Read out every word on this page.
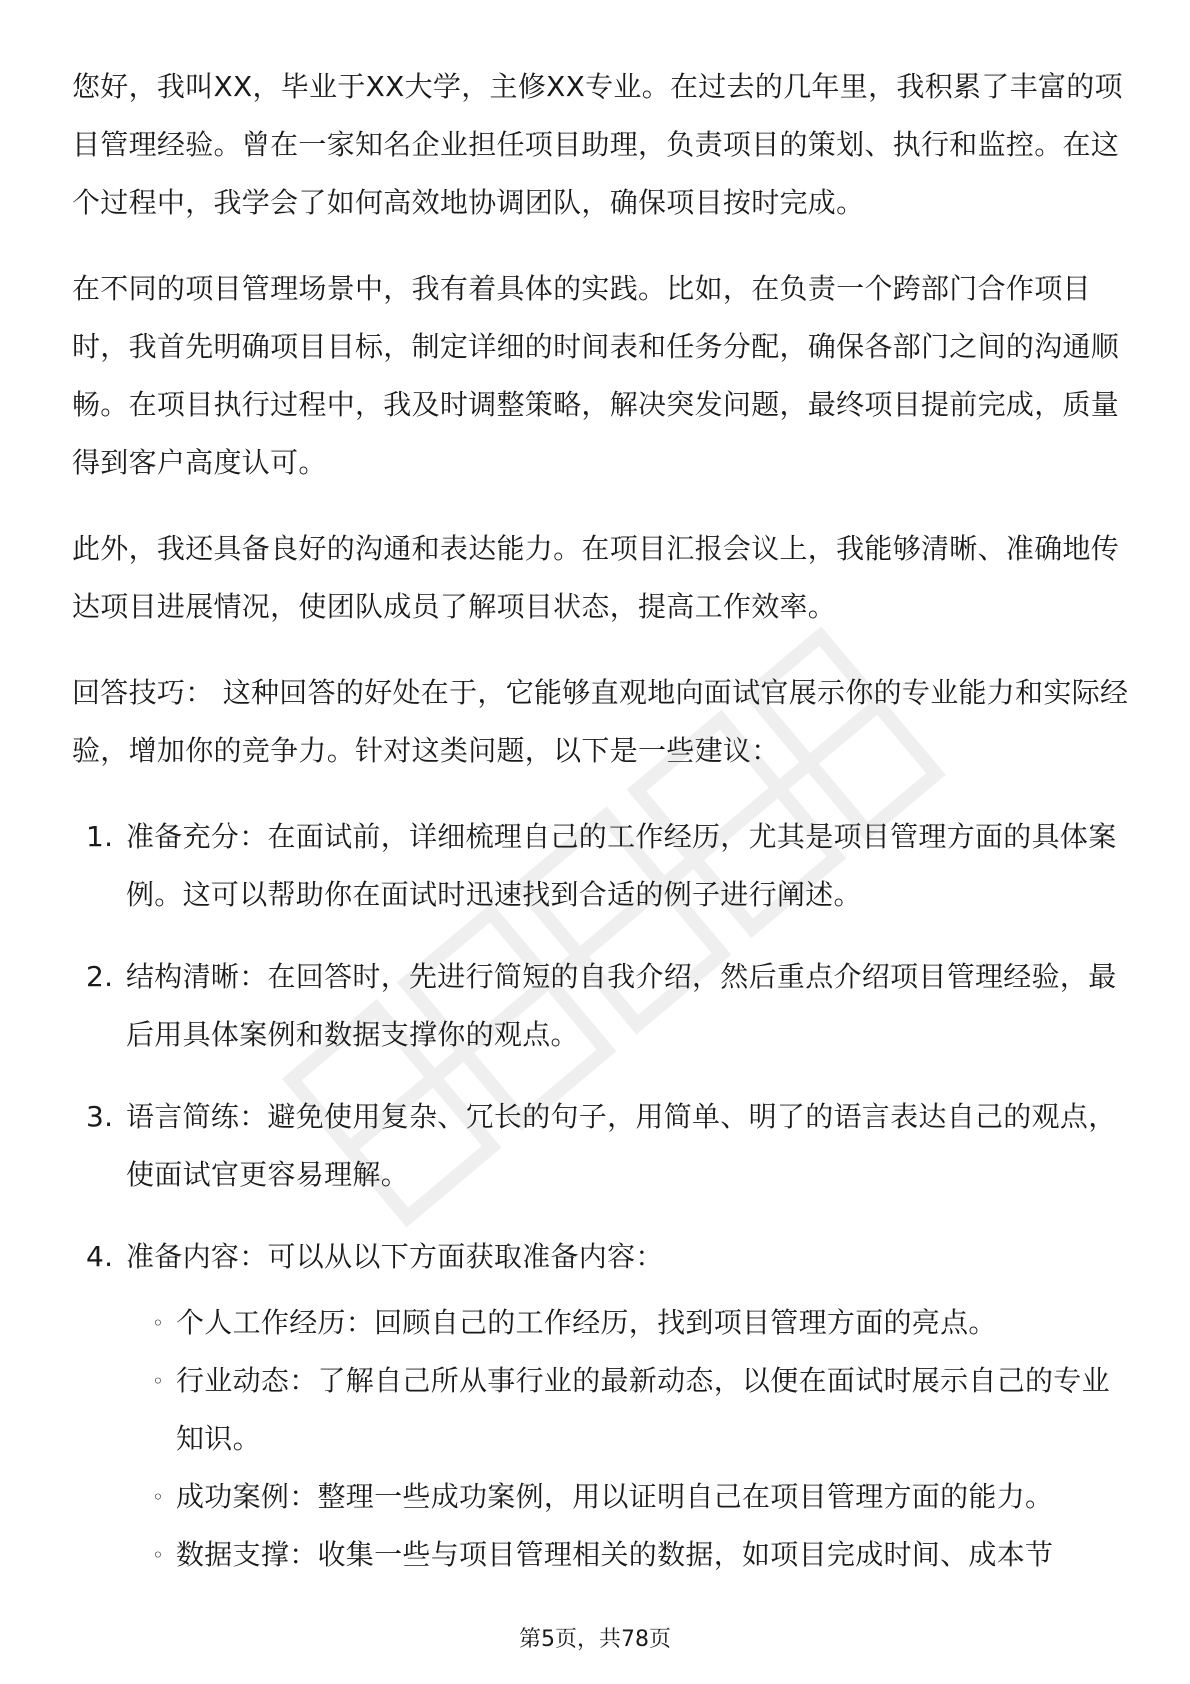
您好，我叫XX，毕业于XX大学，主修XX专业。在过去的几年里，我积累了丰富的项目管理经验。曾在一家知名企业担任项目助理，负责项目的策划、执行和监控。在这个过程中，我学会了如何高效地协调团队，确保项目按时完成。

在不同的项目管理场景中，我有着具体的实践。比如，在负责一个跨部门合作项目时，我首先明确项目目标，制定详细的时间表和任务分配，确保各部门之间的沟通顺畅。在项目执行过程中，我及时调整策略，解决突发问题，最终项目提前完成，质量得到客户高度认可。

此外，我还具备良好的沟通和表达能力。在项目汇报会议上，我能够清晰、准确地传达项目进展情况，使团队成员了解项目状态，提高工作效率。

回答技巧： 这种回答的好处在于，它能够直观地向面试官展示你的专业能力和实际经验，增加你的竞争力。针对这类问题，以下是一些建议：

1. 准备充分：在面试前，详细梳理自己的工作经历，尤其是项目管理方面的具体案例。这可以帮助你在面试时迅速找到合适的例子进行阐述。
2. 结构清晰：在回答时，先进行简短的自我介绍，然后重点介绍项目管理经验，最后用具体案例和数据支撑你的观点。
3. 语言简练：避免使用复杂、冗长的句子，用简单、明了的语言表达自己的观点，使面试官更容易理解。
4. 准备内容：可以从以下方面获取准备内容：
◦ 个人工作经历：回顾自己的工作经历，找到项目管理方面的亮点。
◦ 行业动态：了解自己所从事行业的最新动态，以便在面试时展示自己的专业知识。
◦ 成功案例：整理一些成功案例，用以证明自己在项目管理方面的能力。
◦ 数据支撑：收集一些与项目管理相关的数据，如项目完成时间、成本节
第5页，共78页
